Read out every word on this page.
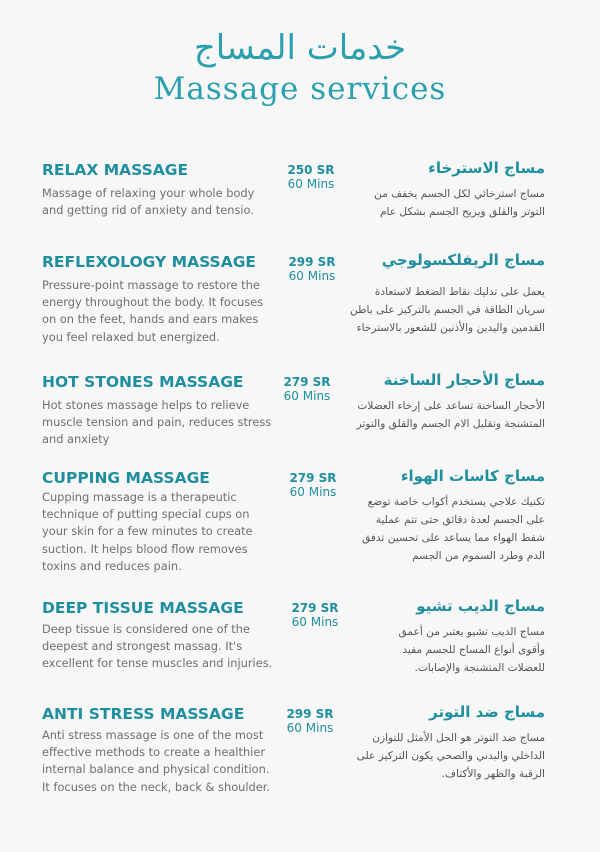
خدمات المساج
Massage services
RELAX MASSAGE
Massage of relaxing your whole body and getting rid of anxiety and tensio.
250 SR
60 Mins
مساج الاسترخاء
مساج استرخائي لكل الجسم يخفف من التوتر والقلق ويريح الجسم بشكل عام
REFLEXOLOGY MASSAGE
Pressure-point massage to restore the energy throughout the body. It focuses on on the feet, hands and ears makes you feel relaxed but energized.
299 SR
60 Mins
مساج الريفلكسولوجي
يعمل على تدليك نقاط الضغط لاستعادة سريان الطاقة في الجسم بالتركيز على باطن القدمين واليدين والأذنين للشعور بالاسترخاء
HOT STONES MASSAGE
Hot stones massage helps to relieve muscle tension and pain, reduces stress and anxiety
279 SR
60 Mins
مساج الأحجار الساخنة
الأحجار الساخنة تساعد على إرخاء العضلات المتشنجة وتقليل الام الجسم والقلق والتوتر
CUPPING MASSAGE
Cupping massage is a therapeutic technique of putting special cups on your skin for a few minutes to create suction. It helps blood flow removes toxins and reduces pain.
279 SR
60 Mins
مساج كاسات الهواء
تكنيك علاجي يستخدم أكواب خاصة توضع على الجسم لعدة دقائق حتى تتم عملية شفط الهواء مما يساعد على تحسين تدفق الدم وطرد السموم من الجسم
DEEP TISSUE MASSAGE
Deep tissue is considered one of the deepest and strongest massag. It's excellent for tense muscles and injuries.
279 SR
60 Mins
مساج الديب تشيو
مساج الديب تشيو يعتبر من أعمق وأقوى أنواع المساج للجسم مفيد للعضلات المتشنجة والإصابات.
ANTI STRESS MASSAGE
Anti stress massage is one of the most effective methods to create a healthier internal balance and physical condition. It focuses on the neck, back & shoulder.
299 SR
60 Mins
مساج ضد التوتر
مساج ضد التوتر هو الحل الأمثل للتوازن الداخلي والبدني والصحي يكون التركيز على الرقبة والظهر والأكتاف.
